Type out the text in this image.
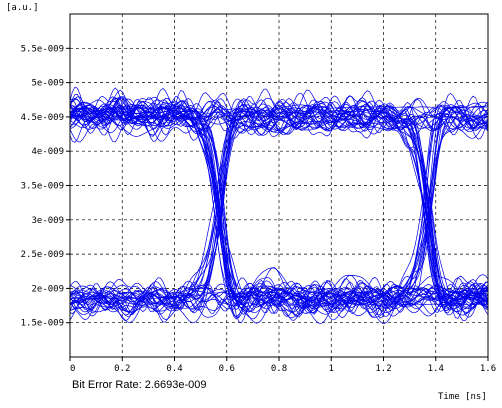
[a.u.]
0	0.2	0.4	0.6	0.8	1	1.2	1.4	1.6
1.5e-009
2e-009
2.5e-009
3e-009
3.5e-009
4e-009
4.5e-009
5e-009
5.5e-009
Time [ns]
Bit Error Rate: 2.6693e-009
